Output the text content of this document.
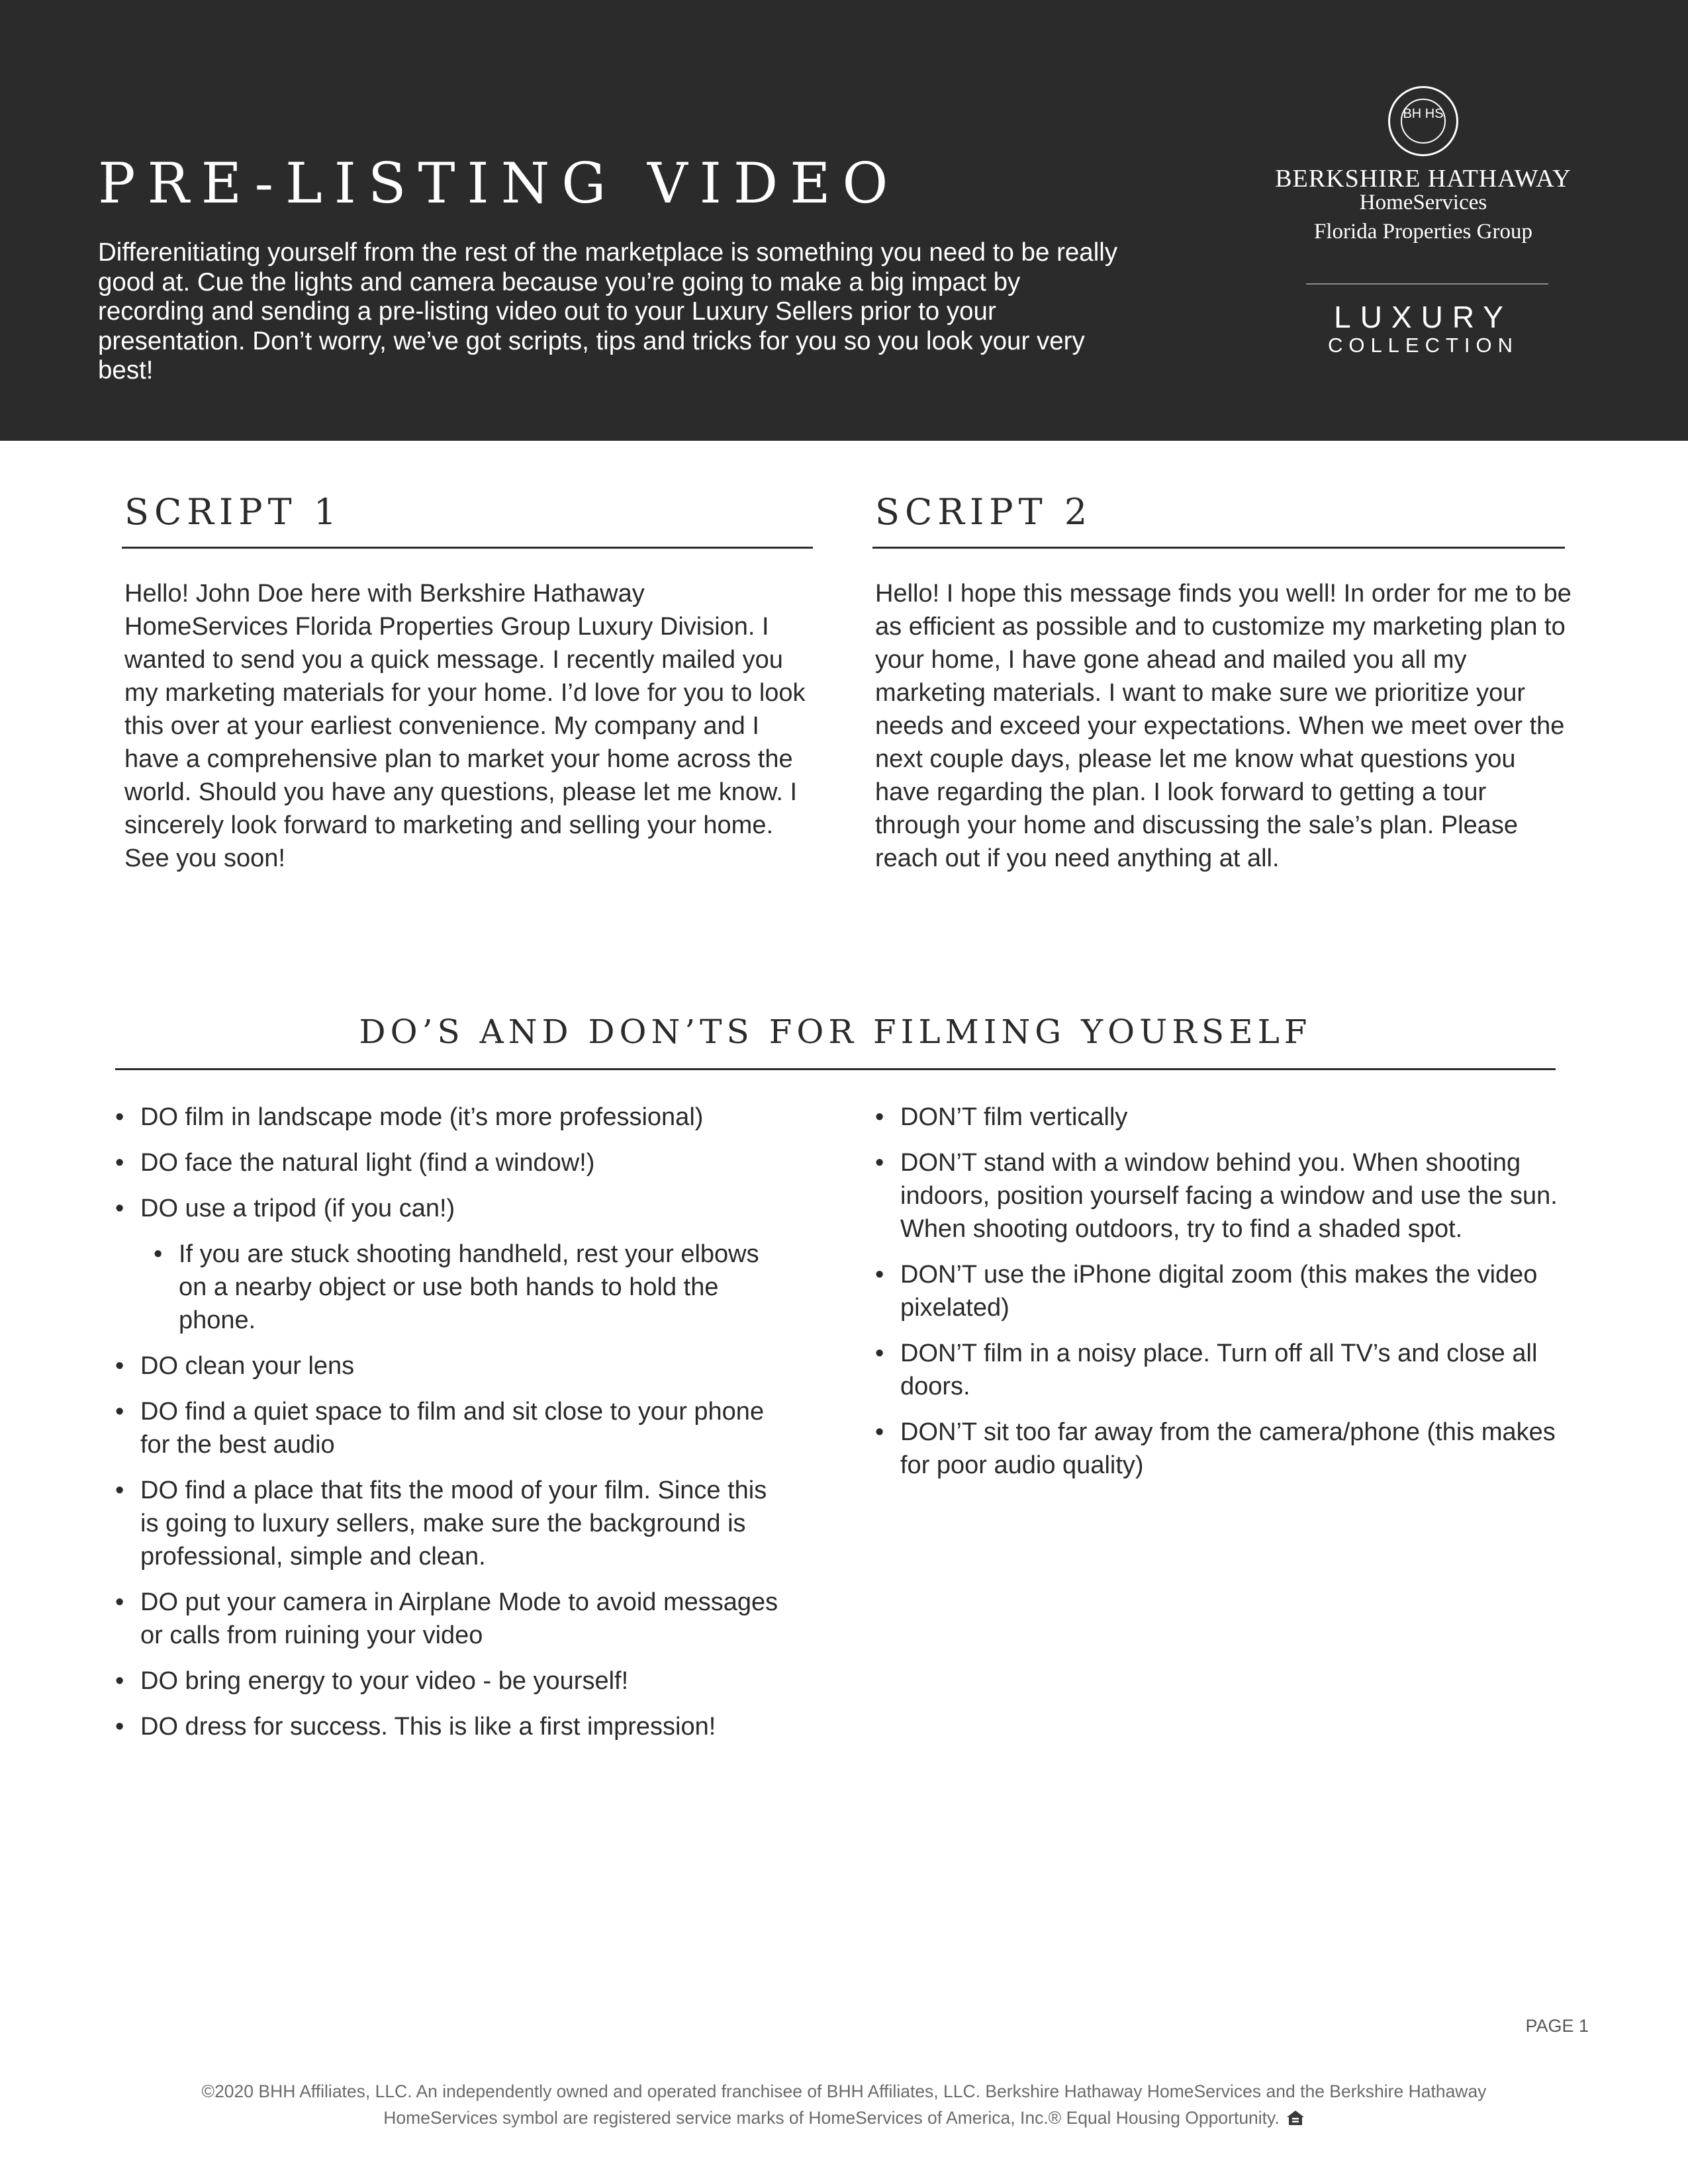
PRE-LISTING VIDEO

Differenitiating yourself from the rest of the marketplace is something you need to be really good at. Cue the lights and camera because you’re going to make a big impact by recording and sending a pre-listing video out to your Luxury Sellers prior to your presentation. Don’t worry, we’ve got scripts, tips and tricks for you so you look your very best!

BH HS
BERKSHIRE HATHAWAY
HomeServices
Florida Properties Group
LUXURY
COLLECTION
SCRIPT 1

Hello! John Doe here with Berkshire Hathaway HomeServices Florida Properties Group Luxury Division. I wanted to send you a quick message. I recently mailed you my marketing materials for your home. I’d love for you to look this over at your earliest convenience. My company and I have a comprehensive plan to market your home across the world. Should you have any questions, please let me know. I sincerely look forward to marketing and selling your home. See you soon!

SCRIPT 2

Hello! I hope this message finds you well! In order for me to be as efficient as possible and to customize my marketing plan to your home, I have gone ahead and mailed you all my marketing materials. I want to make sure we prioritize your needs and exceed your expectations. When we meet over the next couple days, please let me know what questions you have regarding the plan. I look forward to getting a tour through your home and discussing the sale’s plan. Please reach out if you need anything at all.

DO’S AND DON’TS FOR FILMING YOURSELF
• DO film in landscape mode (it’s more professional)
• DO face the natural light (find a window!)
• DO use a tripod (if you can!)
• If you are stuck shooting handheld, rest your elbows on a nearby object or use both hands to hold the phone.
• DO clean your lens
• DO find a quiet space to film and sit close to your phone for the best audio
• DO find a place that fits the mood of your film. Since this is going to luxury sellers, make sure the background is professional, simple and clean.
• DO put your camera in Airplane Mode to avoid messages or calls from ruining your video
• DO bring energy to your video - be yourself!
• DO dress for success. This is like a first impression!
• DON’T film vertically
• DON’T stand with a window behind you. When shooting indoors, position yourself facing a window and use the sun. When shooting outdoors, try to find a shaded spot.
• DON’T use the iPhone digital zoom (this makes the video pixelated)
• DON’T film in a noisy place. Turn off all TV’s and close all doors.
• DON’T sit too far away from the camera/phone (this makes for poor audio quality)
PAGE 1
©2020 BHH Affiliates, LLC. An independently owned and operated franchisee of BHH Affiliates, LLC. Berkshire Hathaway HomeServices and the Berkshire Hathaway
HomeServices symbol are registered service marks of HomeServices of America, Inc.® Equal Housing Opportunity.
